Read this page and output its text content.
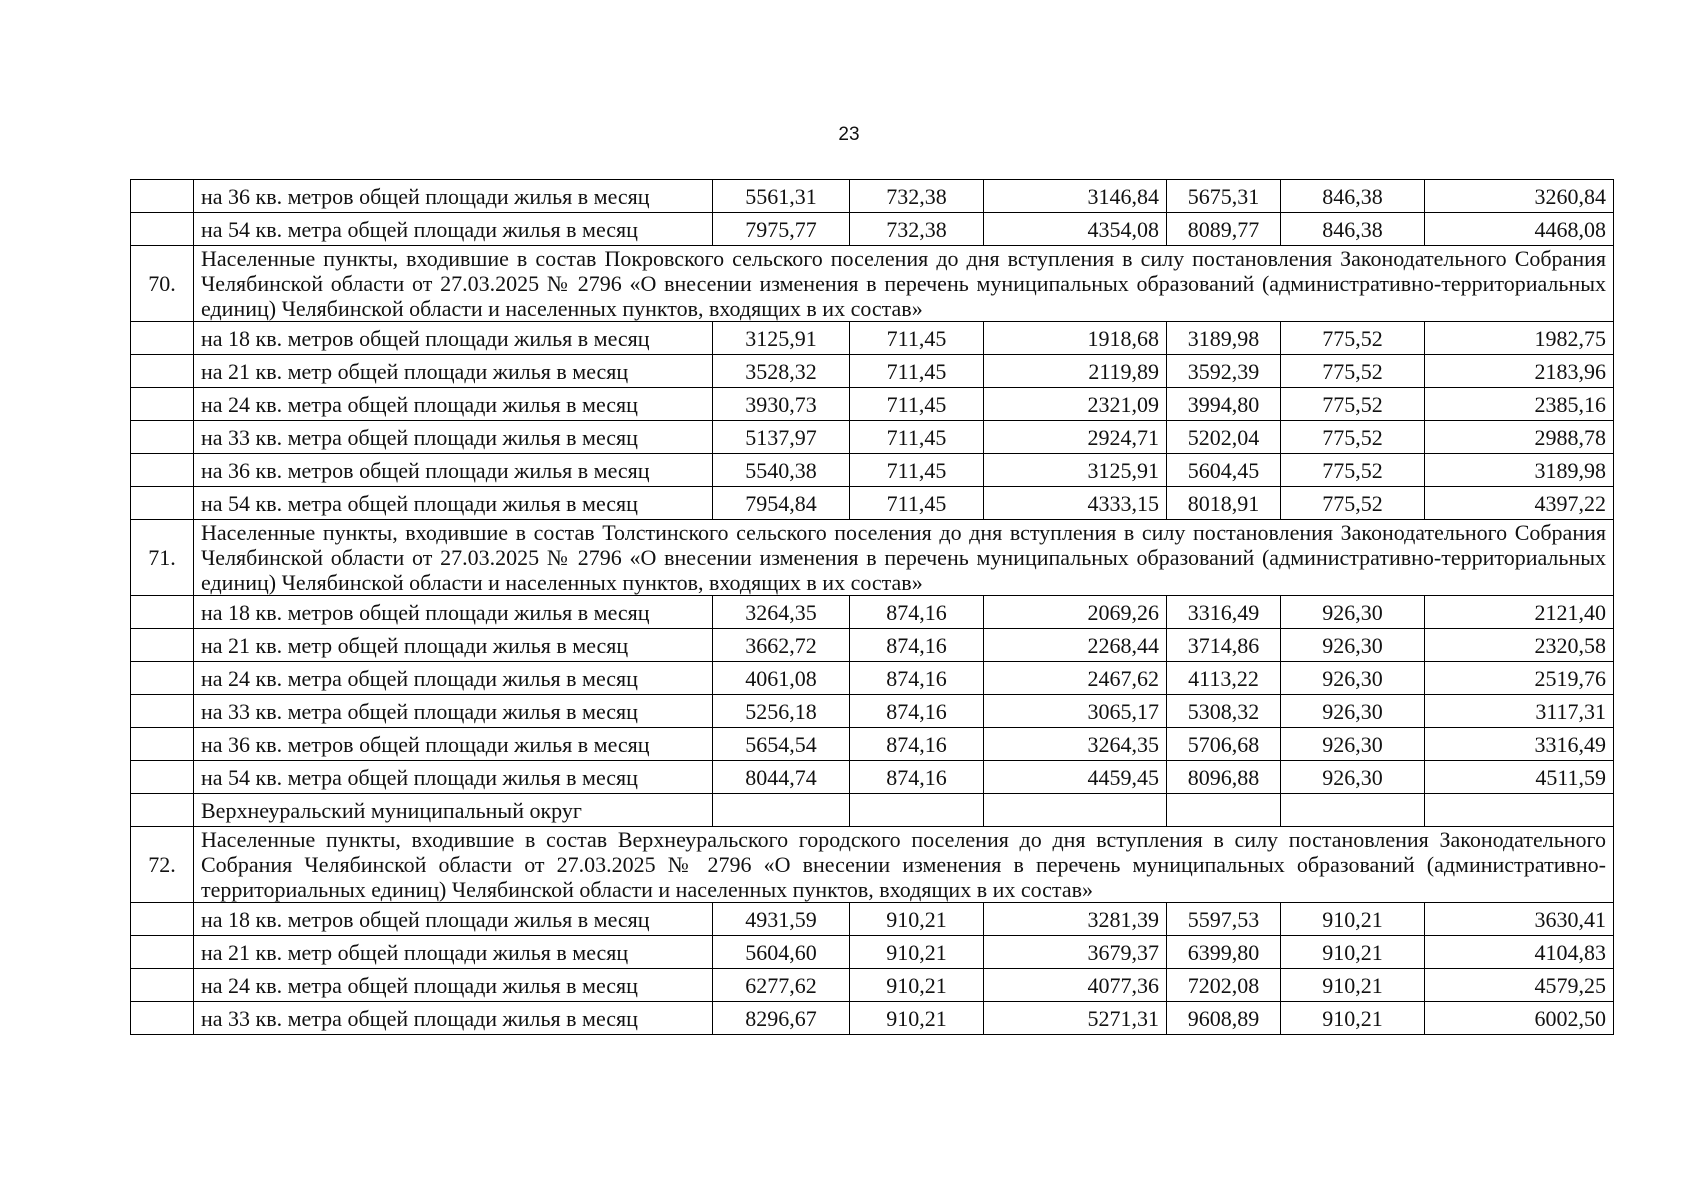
23
	на 36 кв. метров общей площади жилья в месяц	5561,31	732,38	3146,84	5675,31	846,38	3260,84
	на 54 кв. метра общей площади жилья в месяц	7975,77	732,38	4354,08	8089,77	846,38	4468,08
70.	Населенные пункты, входившие в состав Покровского сельского поселения до дня вступления в силу постановления Законодательного Собрания Челябинской области от 27.03.2025 № 2796 «О внесении изменения в перечень муниципальных образований (административно-территориальных единиц) Челябинской области и населенных пунктов, входящих в их состав»						
	на 18 кв. метров общей площади жилья в месяц	3125,91	711,45	1918,68	3189,98	775,52	1982,75
	на 21 кв. метр общей площади жилья в месяц	3528,32	711,45	2119,89	3592,39	775,52	2183,96
	на 24 кв. метра общей площади жилья в месяц	3930,73	711,45	2321,09	3994,80	775,52	2385,16
	на 33 кв. метра общей площади жилья в месяц	5137,97	711,45	2924,71	5202,04	775,52	2988,78
	на 36 кв. метров общей площади жилья в месяц	5540,38	711,45	3125,91	5604,45	775,52	3189,98
	на 54 кв. метра общей площади жилья в месяц	7954,84	711,45	4333,15	8018,91	775,52	4397,22
71.	Населенные пункты, входившие в состав Толстинского сельского поселения до дня вступления в силу постановления Законодательного Собрания Челябинской области от 27.03.2025 № 2796 «О внесении изменения в перечень муниципальных образований (административно-территориальных единиц) Челябинской области и населенных пунктов, входящих в их состав»						
	на 18 кв. метров общей площади жилья в месяц	3264,35	874,16	2069,26	3316,49	926,30	2121,40
	на 21 кв. метр общей площади жилья в месяц	3662,72	874,16	2268,44	3714,86	926,30	2320,58
	на 24 кв. метра общей площади жилья в месяц	4061,08	874,16	2467,62	4113,22	926,30	2519,76
	на 33 кв. метра общей площади жилья в месяц	5256,18	874,16	3065,17	5308,32	926,30	3117,31
	на 36 кв. метров общей площади жилья в месяц	5654,54	874,16	3264,35	5706,68	926,30	3316,49
	на 54 кв. метра общей площади жилья в месяц	8044,74	874,16	4459,45	8096,88	926,30	4511,59
	Верхнеуральский муниципальный округ						
72.	Населенные пункты, входившие в состав Верхнеуральского городского поселения до дня вступления в силу постановления Законодательного Собрания Челябинской области от 27.03.2025 № 2796 «О внесении изменения в перечень муниципальных образований (административно-территориальных единиц) Челябинской области и населенных пунктов, входящих в их состав»						
	на 18 кв. метров общей площади жилья в месяц	4931,59	910,21	3281,39	5597,53	910,21	3630,41
	на 21 кв. метр общей площади жилья в месяц	5604,60	910,21	3679,37	6399,80	910,21	4104,83
	на 24 кв. метра общей площади жилья в месяц	6277,62	910,21	4077,36	7202,08	910,21	4579,25
	на 33 кв. метра общей площади жилья в месяц	8296,67	910,21	5271,31	9608,89	910,21	6002,50
